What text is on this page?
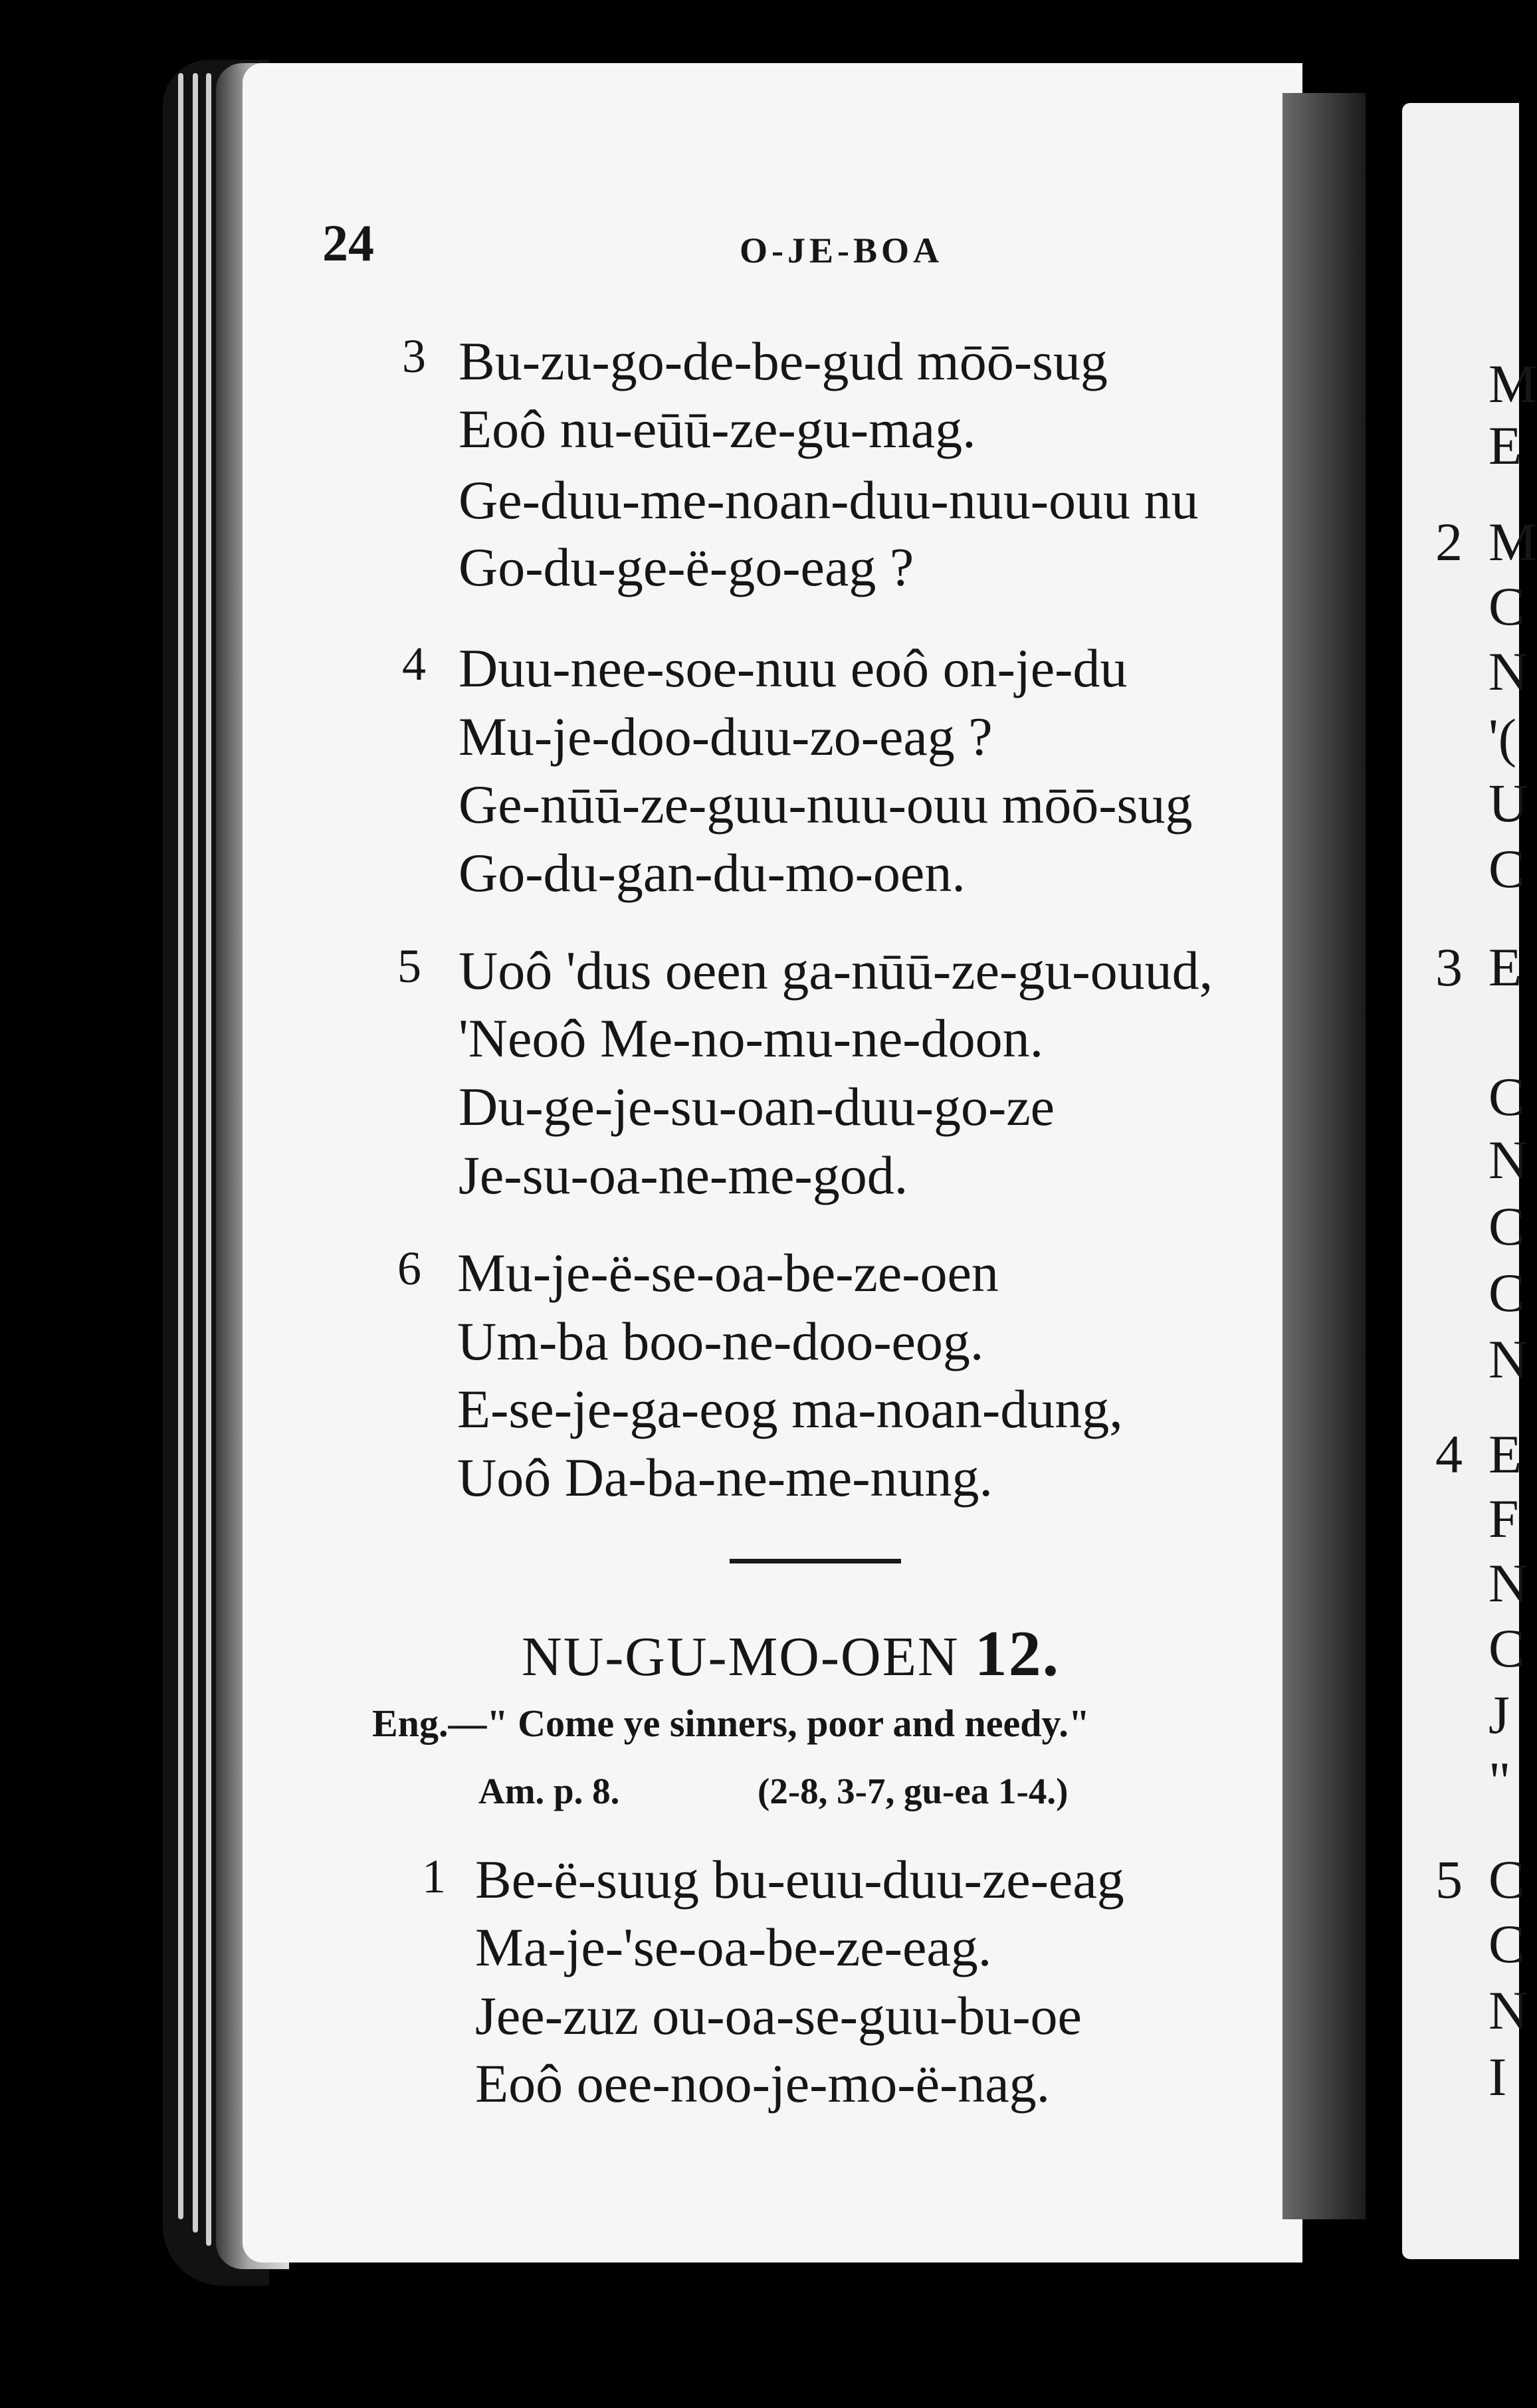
24	O-JE-BOA
3 Bu-zu-go-de-be-gud mōō-sug
Eoô nu-eūū-ze-gu-mag.
Ge-duu-me-noan-duu-nuu-ouu nu
Go-du-ge-ë-go-eag ?
4 Duu-nee-soe-nuu eoô on-je-du
Mu-je-doo-duu-zo-eag ?
Ge-nūū-ze-guu-nuu-ouu mōō-sug
Go-du-gan-du-mo-oen.
5 Uoô 'dus oeen ga-nūū-ze-gu-ouud,
'Neoô Me-no-mu-ne-doon.
Du-ge-je-su-oan-duu-go-ze
Je-su-oa-ne-me-god.
6 Mu-je-ë-se-oa-be-ze-oen
Um-ba boo-ne-doo-eog.
E-se-je-ga-eog ma-noan-dung,
Uoô Da-ba-ne-me-nung.
NU-GU-MO-OEN 12.
Eng.—" Come ye sinners, poor and needy."
Am. p. 8.	(2-8, 3-7, gu-ea 1-4.)
1 Be-ë-suug bu-euu-duu-ze-eag
Ma-je-'se-oa-be-ze-eag.
Jee-zuz ou-oa-se-guu-bu-oe
Eoô oee-noo-je-mo-ë-nag.
M
E
2 M
C
N
'(
U
C
3 E
C
N
C
C
N
4 E
F
N
C
J
"
5 C
C
N
I
